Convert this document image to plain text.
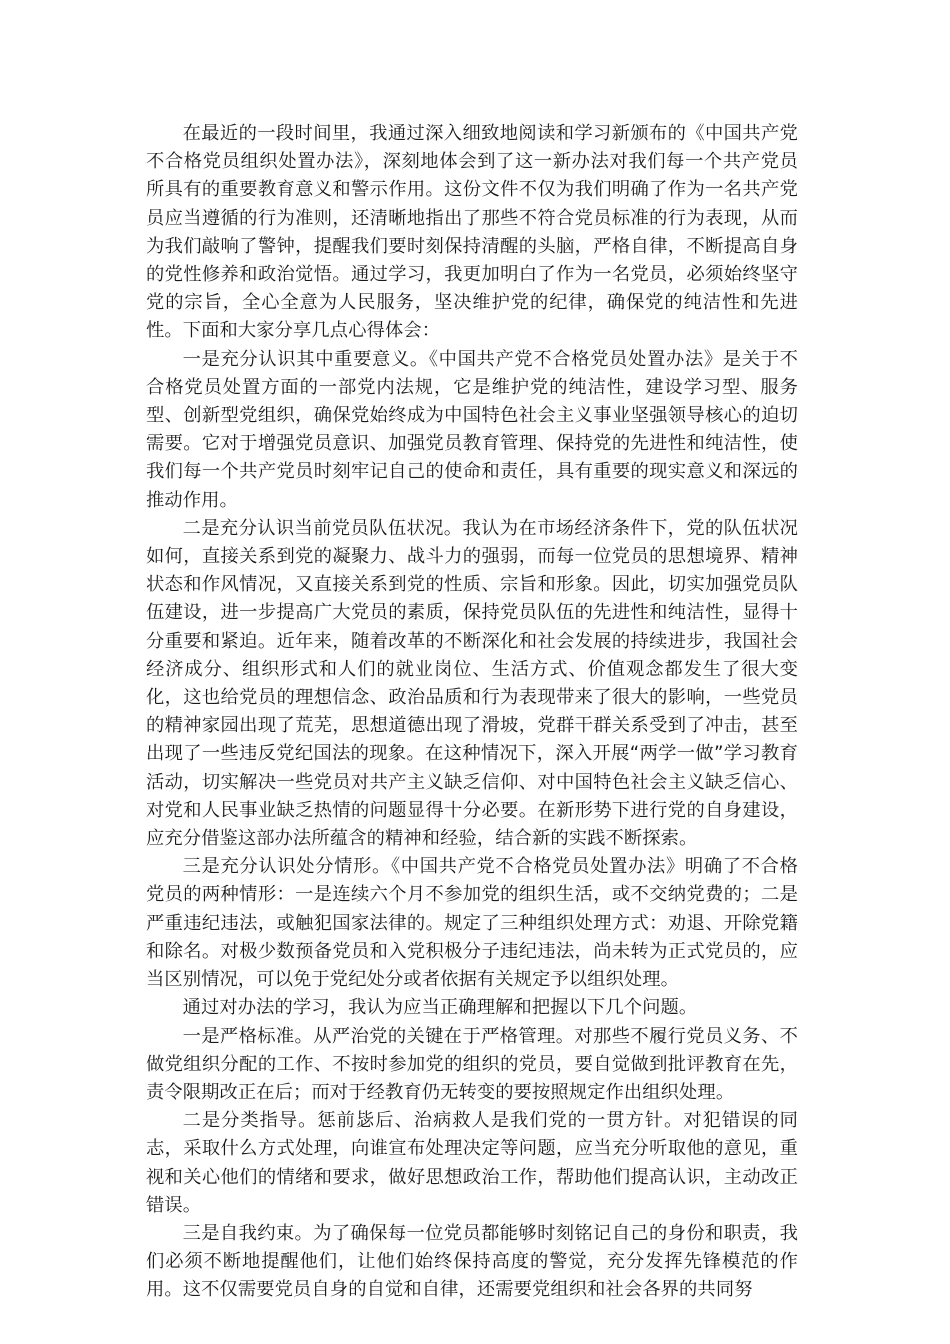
在最近的一段时间里，我通过深入细致地阅读和学习新颁布的《中国共产党不合格党员组织处置办法》，深刻地体会到了这一新办法对我们每一个共产党员所具有的重要教育意义和警示作用。这份文件不仅为我们明确了作为一名共产党员应当遵循的行为准则，还清晰地指出了那些不符合党员标准的行为表现，从而为我们敲响了警钟，提醒我们要时刻保持清醒的头脑，严格自律，不断提高自身的党性修养和政治觉悟。通过学习，我更加明白了作为一名党员，必须始终坚守党的宗旨，全心全意为人民服务，坚决维护党的纪律，确保党的纯洁性和先进性。下面和大家分享几点心得体会：

一是充分认识其中重要意义。《中国共产党不合格党员处置办法》是关于不合格党员处置方面的一部党内法规，它是维护党的纯洁性，建设学习型、服务型、创新型党组织，确保党始终成为中国特色社会主义事业坚强领导核心的迫切需要。它对于增强党员意识、加强党员教育管理、保持党的先进性和纯洁性，使我们每一个共产党员时刻牢记自己的使命和责任，具有重要的现实意义和深远的推动作用。

二是充分认识当前党员队伍状况。我认为在市场经济条件下，党的队伍状况如何，直接关系到党的凝聚力、战斗力的强弱，而每一位党员的思想境界、精神状态和作风情况，又直接关系到党的性质、宗旨和形象。因此，切实加强党员队伍建设，进一步提高广大党员的素质，保持党员队伍的先进性和纯洁性，显得十分重要和紧迫。近年来，随着改革的不断深化和社会发展的持续进步，我国社会经济成分、组织形式和人们的就业岗位、生活方式、价值观念都发生了很大变化，这也给党员的理想信念、政治品质和行为表现带来了很大的影响，一些党员的精神家园出现了荒芜，思想道德出现了滑坡，党群干群关系受到了冲击，甚至出现了一些违反党纪国法的现象。在这种情况下，深入开展“两学一做”学习教育活动，切实解决一些党员对共产主义缺乏信仰、对中国特色社会主义缺乏信心、对党和人民事业缺乏热情的问题显得十分必要。在新形势下进行党的自身建设，应充分借鉴这部办法所蕴含的精神和经验，结合新的实践不断探索。

三是充分认识处分情形。《中国共产党不合格党员处置办法》明确了不合格党员的两种情形：一是连续六个月不参加党的组织生活，或不交纳党费的；二是严重违纪违法，或触犯国家法律的。规定了三种组织处理方式：劝退、开除党籍和除名。对极少数预备党员和入党积极分子违纪违法，尚未转为正式党员的，应当区别情况，可以免于党纪处分或者依据有关规定予以组织处理。

通过对办法的学习，我认为应当正确理解和把握以下几个问题。

一是严格标准。从严治党的关键在于严格管理。对那些不履行党员义务、不做党组织分配的工作、不按时参加党的组织的党员，要自觉做到批评教育在先，责令限期改正在后；而对于经教育仍无转变的要按照规定作出组织处理。

二是分类指导。惩前毖后、治病救人是我们党的一贯方针。对犯错误的同志，采取什么方式处理，向谁宣布处理决定等问题，应当充分听取他的意见，重视和关心他们的情绪和要求，做好思想政治工作，帮助他们提高认识，主动改正错误。

三是自我约束。为了确保每一位党员都能够时刻铭记自己的身份和职责，我们必须不断地提醒他们，让他们始终保持高度的警觉，充分发挥先锋模范的作用。这不仅需要党员自身的自觉和自律，还需要党组织和社会各界的共同努
